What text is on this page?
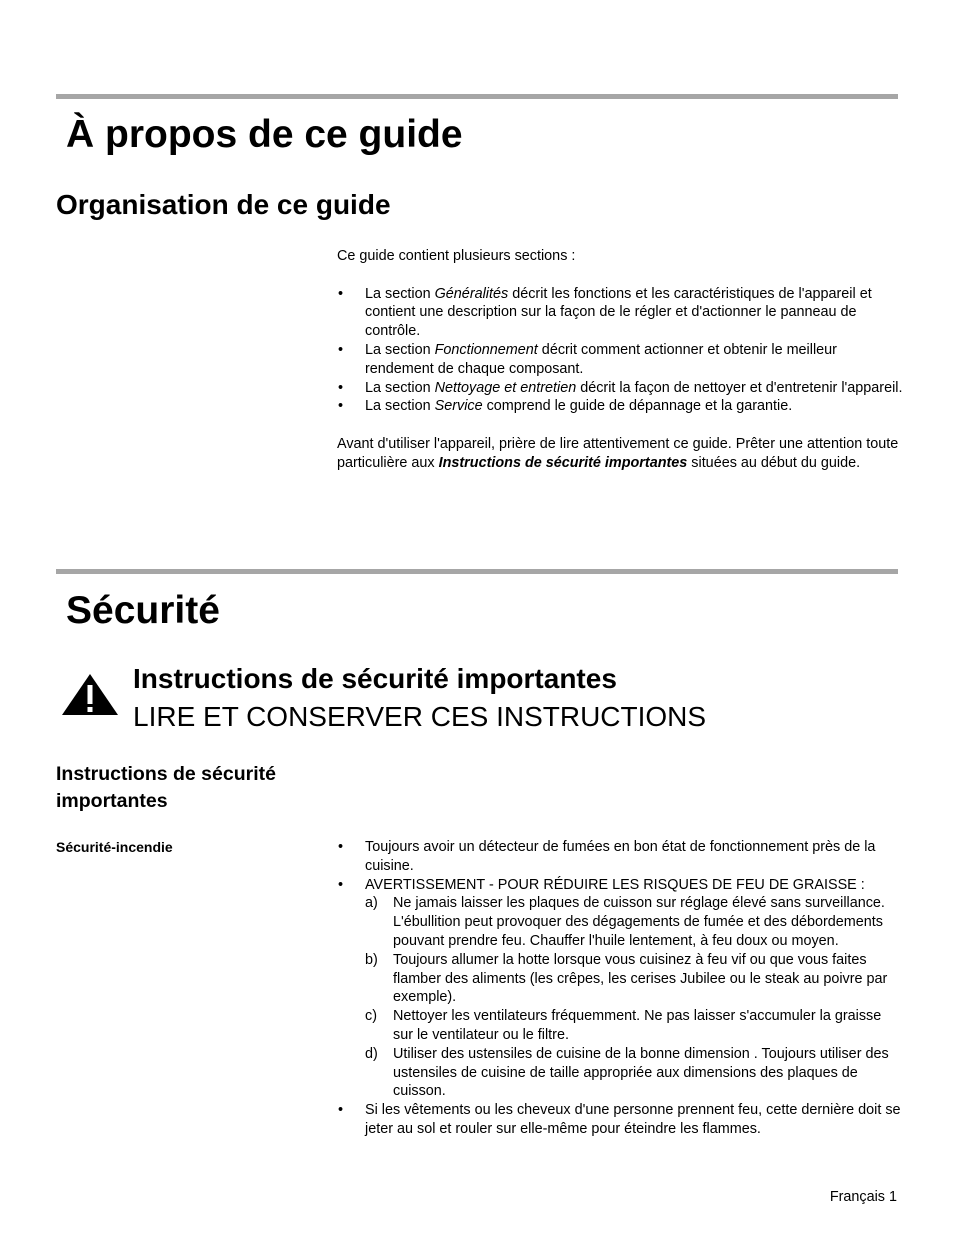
À propos de ce guide
Organisation de ce guide

Ce guide contient plusieurs sections :

• La section Généralités décrit les fonctions et les caractéristiques de l'appareil et contient une description sur la façon de le régler et d'actionner le panneau de contrôle.
• La section Fonctionnement décrit comment actionner et obtenir le meilleur rendement de chaque composant.
• La section Nettoyage et entretien décrit la façon de nettoyer et d'entretenir l'appareil.
• La section Service comprend le guide de dépannage et la garantie.

Avant d'utiliser l'appareil, prière de lire attentivement ce guide. Prêter une attention toute particulière aux Instructions de sécurité importantes situées au début du guide.

Sécurité
Instructions de sécurité importantes

LIRE ET CONSERVER CES INSTRUCTIONS

Instructions de sécurité importantes

Sécurité-incendie

•	Toujours avoir un détecteur de fumées en bon état de fonctionnement près de la cuisine.
• AVERTISSEMENT - POUR RÉDUIRE LES RISQUES DE FEU DE GRAISSE :
a) Ne jamais laisser les plaques de cuisson sur réglage élevé sans surveillance. L'ébullition peut provoquer des dégagements de fumée et des débordements pouvant prendre feu. Chauffer l'huile lentement, à feu doux ou moyen.
b) Toujours allumer la hotte lorsque vous cuisinez à feu vif ou que vous faites flamber des aliments (les crêpes, les cerises Jubilee ou le steak au poivre par exemple).
c) Nettoyer les ventilateurs fréquemment. Ne pas laisser s'accumuler la graisse sur le ventilateur ou le filtre.
d) Utiliser des ustensiles de cuisine de la bonne dimension . Toujours utiliser des ustensiles de cuisine de taille appropriée aux dimensions des plaques de cuisson.
• Si les vêtements ou les cheveux d'une personne prennent feu, cette dernière doit se jeter au sol et rouler sur elle-même pour éteindre les flammes.
Français 1
